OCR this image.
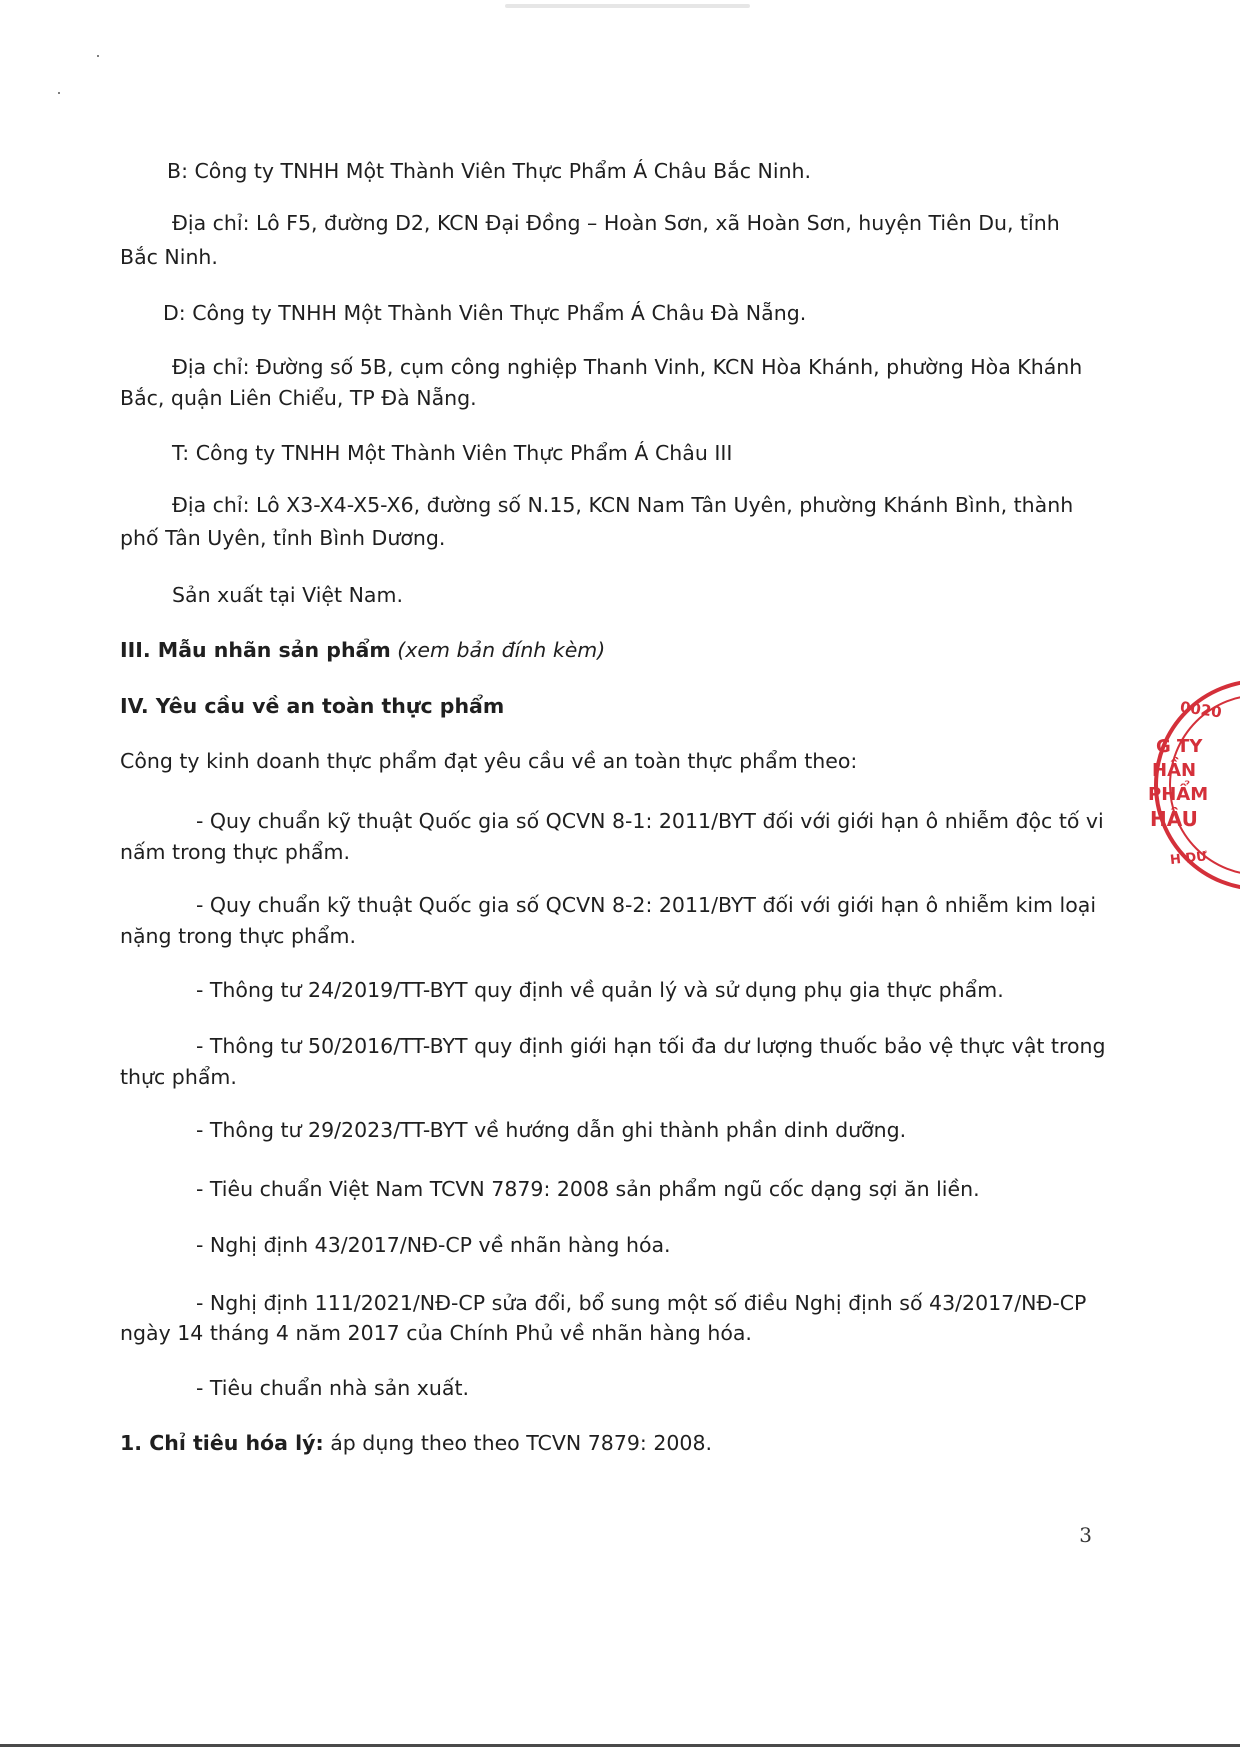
B: Công ty TNHH Một Thành Viên Thực Phẩm Á Châu Bắc Ninh.

Địa chỉ: Lô F5, đường D2, KCN Đại Đồng – Hoàn Sơn, xã Hoàn Sơn, huyện Tiên Du, tỉnh

Bắc Ninh.

D: Công ty TNHH Một Thành Viên Thực Phẩm Á Châu Đà Nẵng.

Địa chỉ: Đường số 5B, cụm công nghiệp Thanh Vinh, KCN Hòa Khánh, phường Hòa Khánh

Bắc, quận Liên Chiểu, TP Đà Nẵng.

T: Công ty TNHH Một Thành Viên Thực Phẩm Á Châu III

Địa chỉ: Lô X3-X4-X5-X6, đường số N.15, KCN Nam Tân Uyên, phường Khánh Bình, thành

phố Tân Uyên, tỉnh Bình Dương.

Sản xuất tại Việt Nam.

III. Mẫu nhãn sản phẩm (xem bản đính kèm)

IV. Yêu cầu về an toàn thực phẩm

Công ty kinh doanh thực phẩm đạt yêu cầu về an toàn thực phẩm theo:

- Quy chuẩn kỹ thuật Quốc gia số QCVN 8-1: 2011/BYT đối với giới hạn ô nhiễm độc tố vi

nấm trong thực phẩm.

- Quy chuẩn kỹ thuật Quốc gia số QCVN 8-2: 2011/BYT đối với giới hạn ô nhiễm kim loại

nặng trong thực phẩm.

- Thông tư 24/2019/TT-BYT quy định về quản lý và sử dụng phụ gia thực phẩm.

- Thông tư 50/2016/TT-BYT quy định giới hạn tối đa dư lượng thuốc bảo vệ thực vật trong

thực phẩm.

- Thông tư 29/2023/TT-BYT về hướng dẫn ghi thành phần dinh dưỡng.

- Tiêu chuẩn Việt Nam TCVN 7879: 2008 sản phẩm ngũ cốc dạng sợi ăn liền.

- Nghị định 43/2017/NĐ-CP về nhãn hàng hóa.

- Nghị định 111/2021/NĐ-CP sửa đổi, bổ sung một số điều Nghị định số 43/2017/NĐ-CP

ngày 14 tháng 4 năm 2017 của Chính Phủ về nhãn hàng hóa.

- Tiêu chuẩn nhà sản xuất.

1. Chỉ tiêu hóa lý: áp dụng theo theo TCVN 7879: 2008.

3
0020
G TY
HẦN
PHẨM
HÂU
H DƯ
